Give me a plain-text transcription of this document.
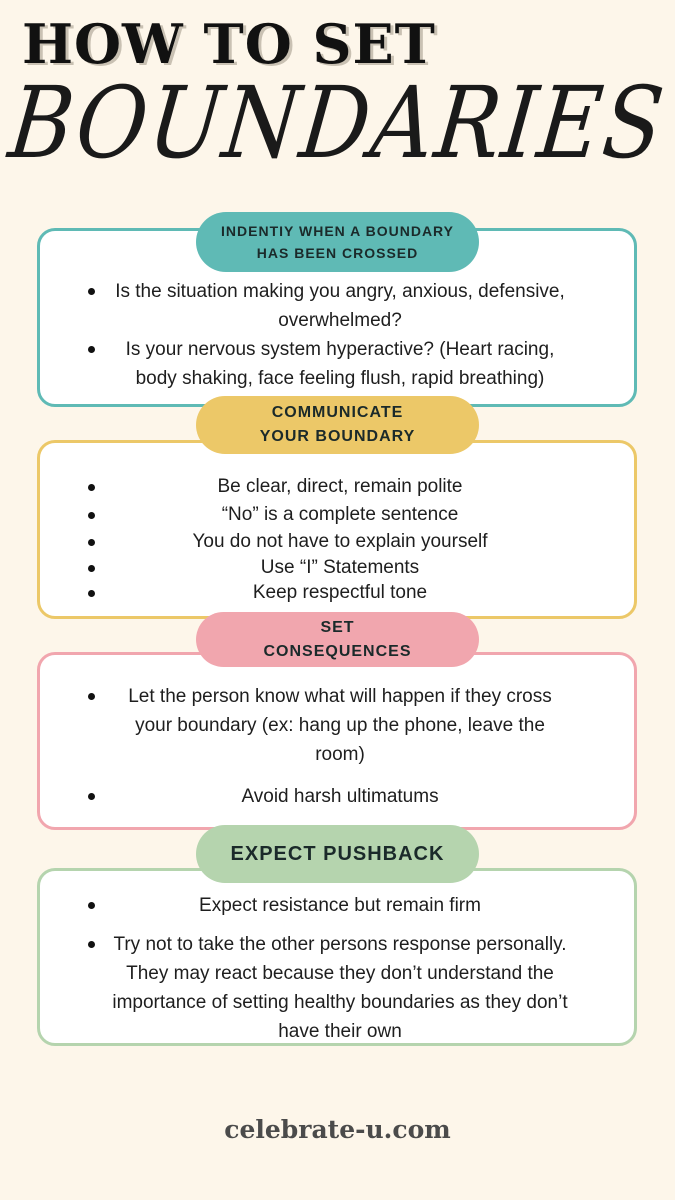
HOW TO SET
BOUNDARIES
Is the situation making you angry, anxious, defensive, overwhelmed?
Is your nervous system hyperactive? (Heart racing, body shaking, face feeling flush, rapid breathing)
INDENTIY WHEN A BOUNDARY
HAS BEEN CROSSED
Be clear, direct, remain polite
“No” is a complete sentence
You do not have to explain yourself
Use “I” Statements
Keep respectful tone
COMMUNICATE
YOUR BOUNDARY
Let the person know what will happen if they cross your boundary (ex: hang up the phone, leave the room)
Avoid harsh ultimatums
SET
CONSEQUENCES
Expect resistance but remain firm
Try not to take the other persons response personally. They may react because they don’t understand the importance of setting healthy boundaries as they don’t have their own
EXPECT PUSHBACK
celebrate-u.com
